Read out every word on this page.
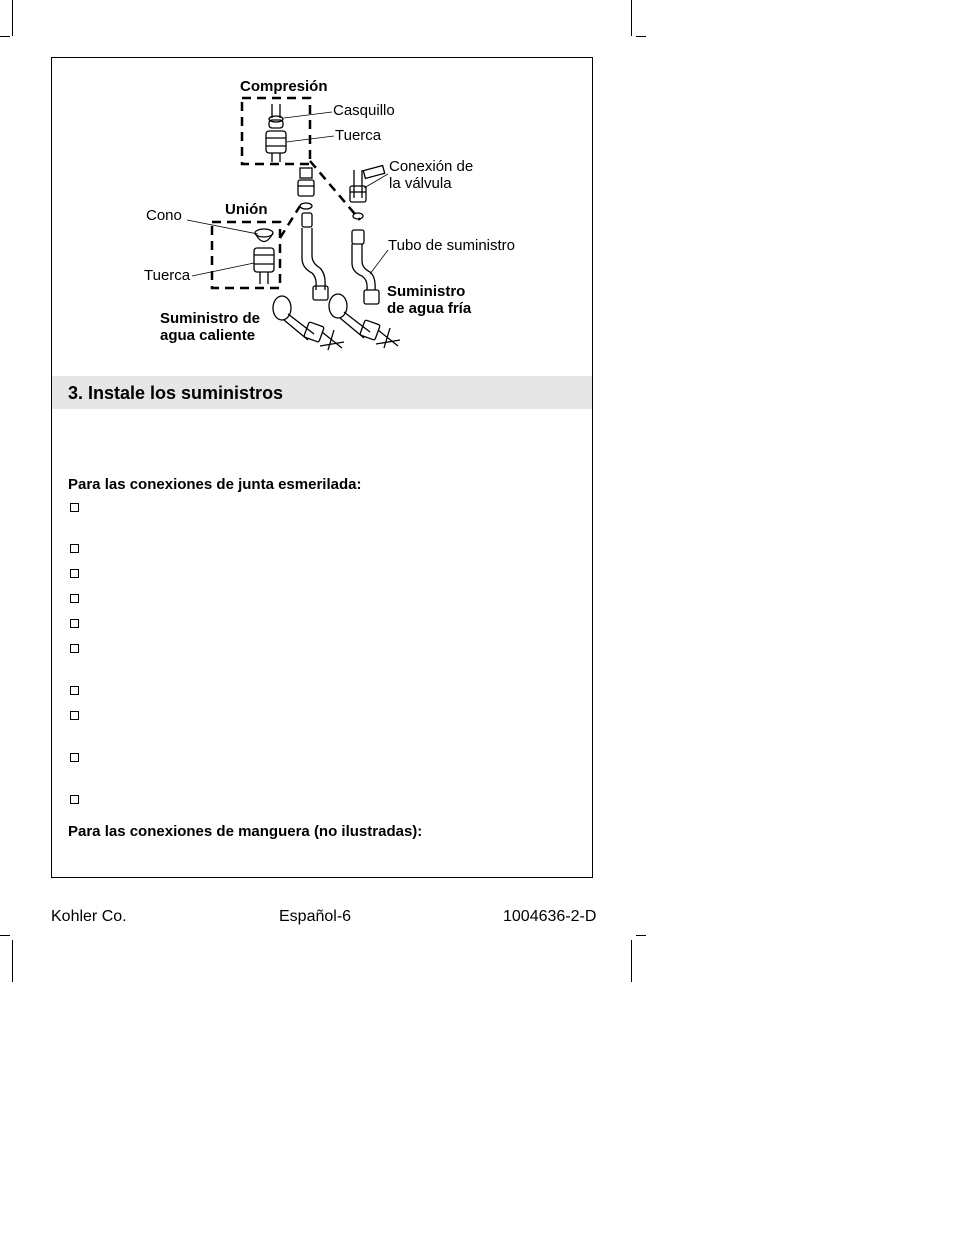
Compresión
Casquillo
Tuerca
Conexión de
la válvula
Unión
Cono
Tubo de suministro
Tuerca
Suministro
de agua fría
Suministro de
agua caliente
3. Instale los suministros
Para las conexiones de junta esmerilada:
Para las conexiones de manguera (no ilustradas):
Kohler Co.	Español-6	1004636-2-D
